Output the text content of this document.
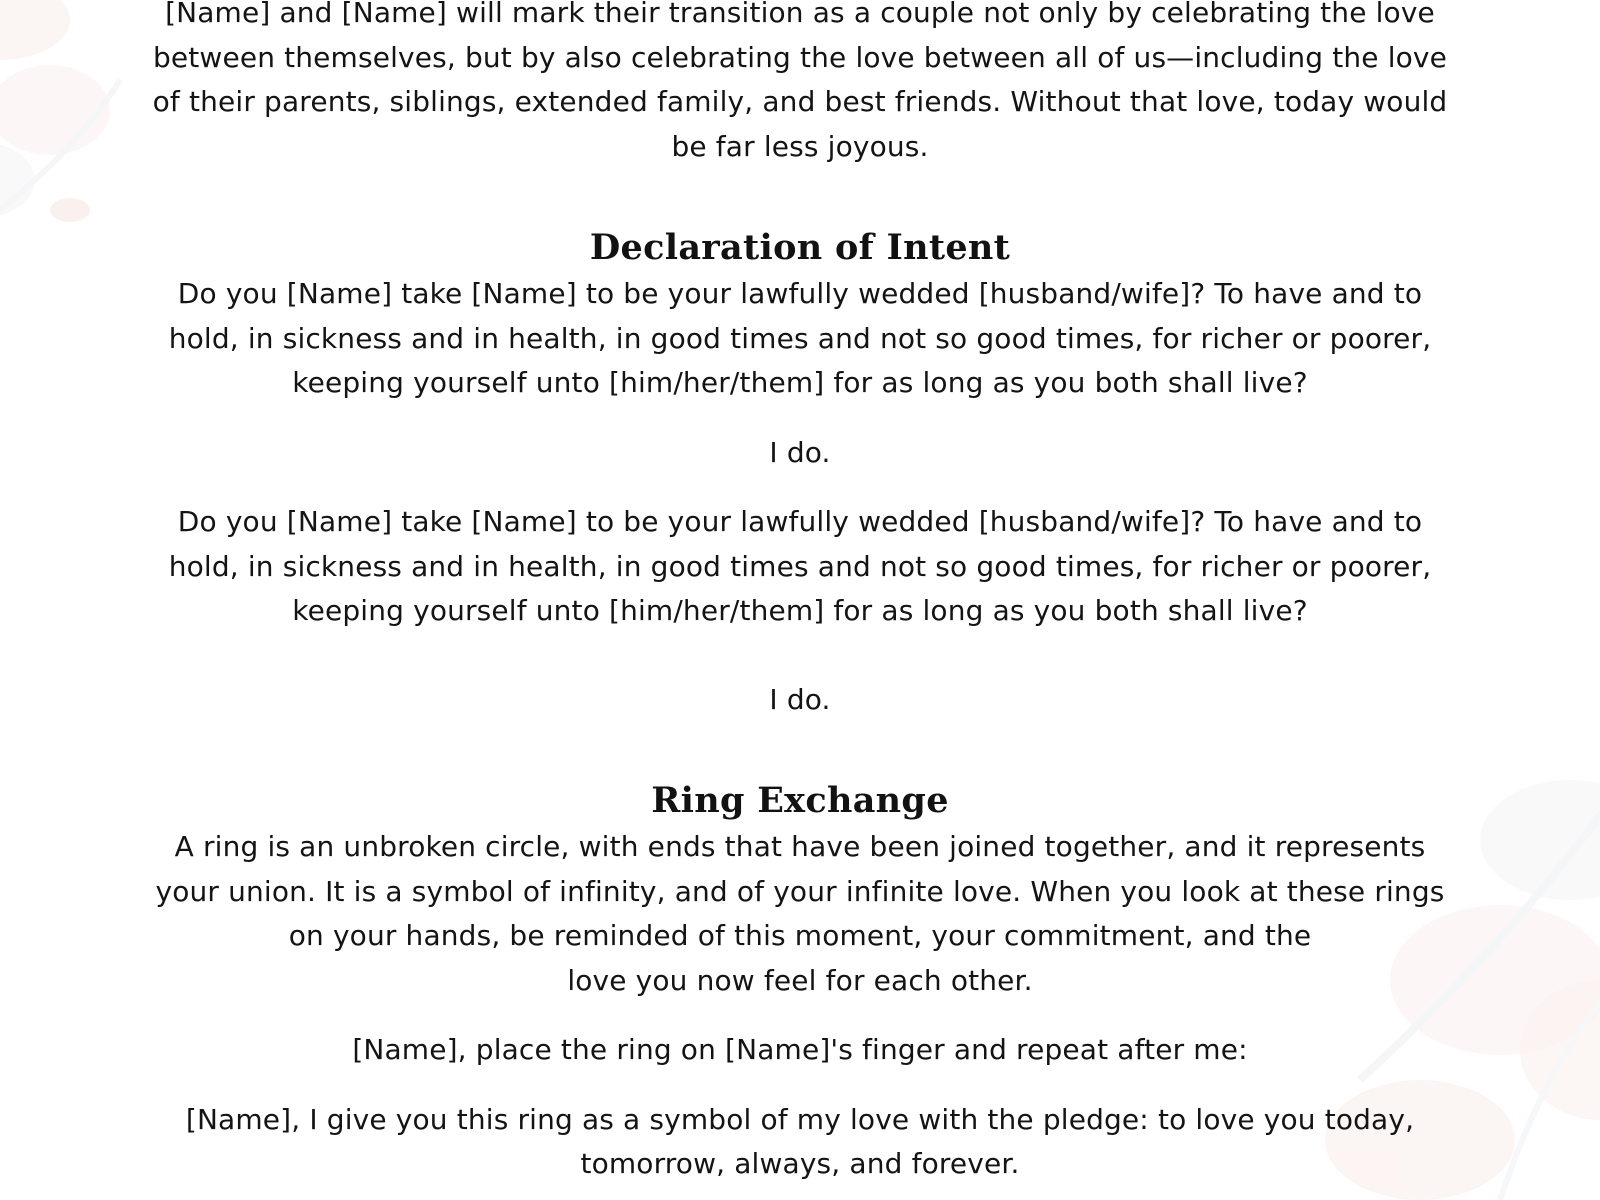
[Name] and [Name] will mark their transition as a couple not only by celebrating the love
between themselves, but by also celebrating the love between all of us—including the love
of their parents, siblings, extended family, and best friends. Without that love, today would
be far less joyous.

Declaration of Intent

Do you [Name] take [Name] to be your lawfully wedded [husband/wife]? To have and to
hold, in sickness and in health, in good times and not so good times, for richer or poorer,
keeping yourself unto [him/her/them] for as long as you both shall live?

I do.

Do you [Name] take [Name] to be your lawfully wedded [husband/wife]? To have and to
hold, in sickness and in health, in good times and not so good times, for richer or poorer,
keeping yourself unto [him/her/them] for as long as you both shall live?

I do.

Ring Exchange

A ring is an unbroken circle, with ends that have been joined together, and it represents
your union. It is a symbol of infinity, and of your infinite love. When you look at these rings
on your hands, be reminded of this moment, your commitment, and the
love you now feel for each other.

[Name], place the ring on [Name]'s finger and repeat after me:

[Name], I give you this ring as a symbol of my love with the pledge: to love you today,
tomorrow, always, and forever.
